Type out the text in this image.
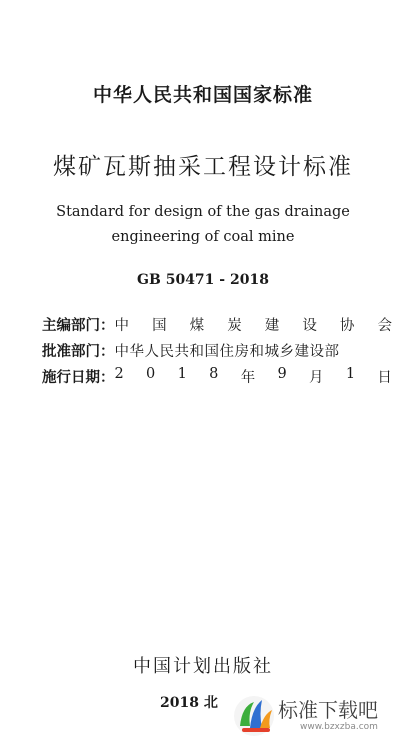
中华人民共和国国家标准
煤矿瓦斯抽采工程设计标准
Standard for design of the gas drainage
engineering of coal mine
GB 50471 - 2018
主编部门： 中 国 煤 炭 建 设 协 会
批准部门： 中华人民共和国住房和城乡建设部
施行日期： 2 0 1 8 年 9 月 1 日
中国计划出版社
2018 北	标准下载吧
www.bzxzba.com
